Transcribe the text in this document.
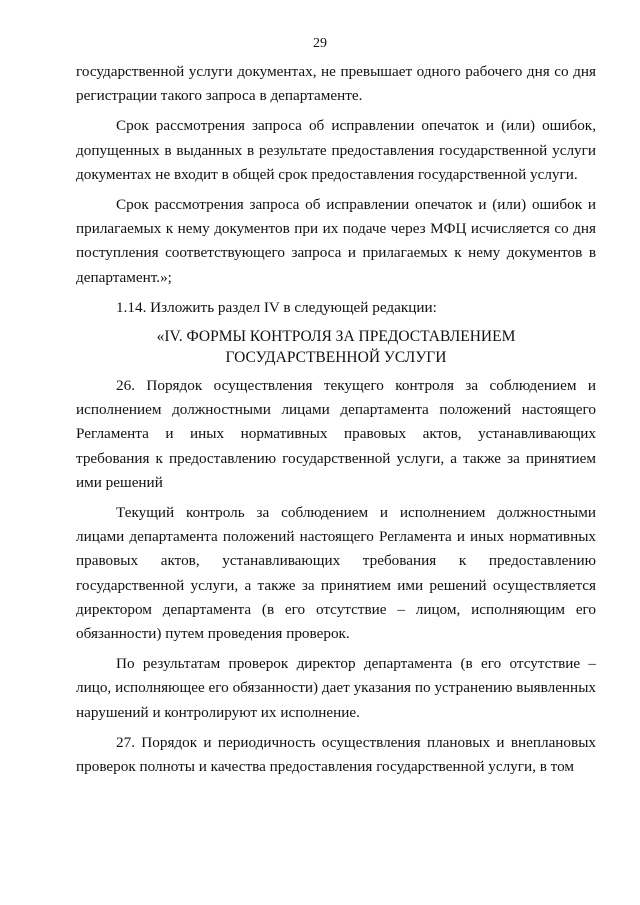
29

государственной услуги документах, не превышает одного рабочего дня со дня регистрации такого запроса в департаменте.

Срок рассмотрения запроса об исправлении опечаток и (или) ошибок, допущенных в выданных в результате предоставления государственной услуги документах не входит в общей срок предоставления государственной услуги.

Срок рассмотрения запроса об исправлении опечаток и (или) ошибок и прилагаемых к нему документов при их подаче через МФЦ исчисляется со дня поступления соответствующего запроса и прилагаемых к нему документов в департамент.»;

1.14. Изложить раздел IV в следующей редакции:

«IV. ФОРМЫ КОНТРОЛЯ ЗА ПРЕДОСТАВЛЕНИЕМ
ГОСУДАРСТВЕННОЙ УСЛУГИ

26. Порядок осуществления текущего контроля за соблюдением и исполнением должностными лицами департамента положений настоящего Регламента и иных нормативных правовых актов, устанавливающих требования к предоставлению государственной услуги, а также за принятием ими решений

Текущий контроль за соблюдением и исполнением должностными лицами департамента положений настоящего Регламента и иных нормативных правовых актов, устанавливающих требования к предоставлению государственной услуги, а также за принятием ими решений осуществляется директором департамента (в его отсутствие – лицом, исполняющим его обязанности) путем проведения проверок.

По результатам проверок директор департамента (в его отсутствие – лицо, исполняющее его обязанности) дает указания по устранению выявленных нарушений и контролируют их исполнение.

27. Порядок и периодичность осуществления плановых и внеплановых проверок полноты и качества предоставления государственной услуги, в том
